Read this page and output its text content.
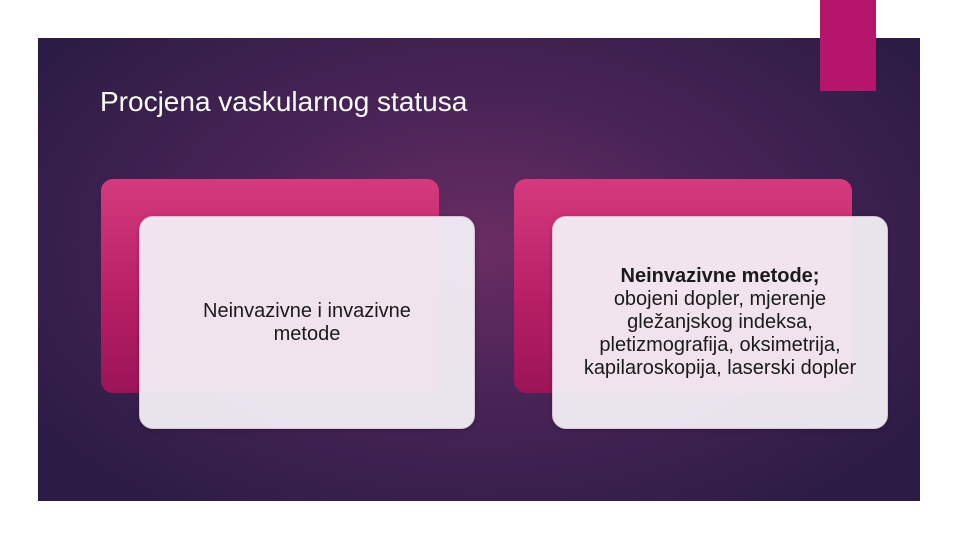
Procjena vaskularnog statusa
Neinvazivne i invazivne metode
Neinvazivne metode;
obojeni dopler, mjerenje gležanjskog indeksa, pletizmografija, oksimetrija, kapilaroskopija, laserski dopler
